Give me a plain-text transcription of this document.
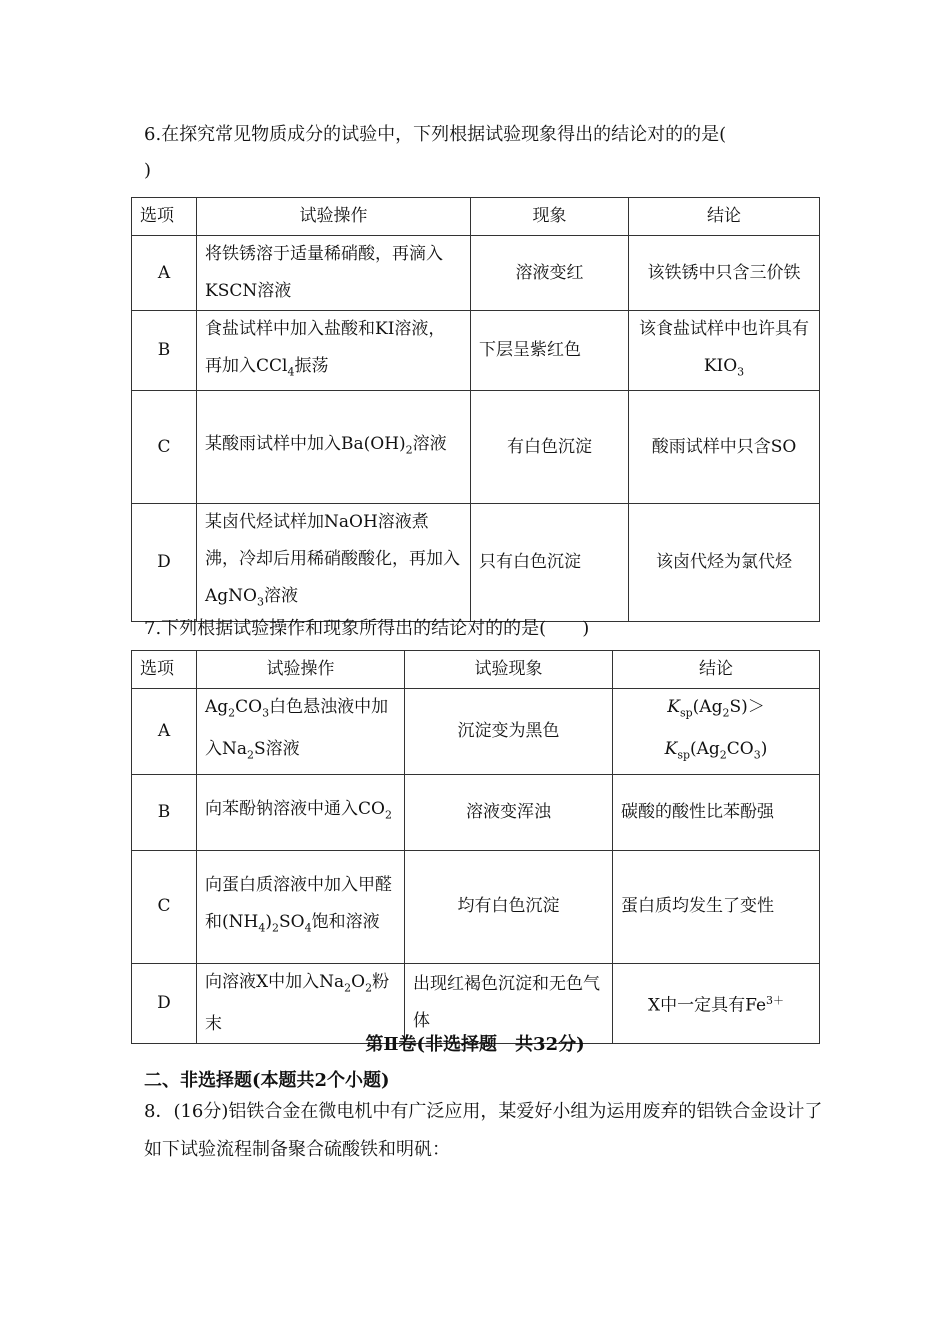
6.在探究常见物质成分的试验中，下列根据试验现象得出的结论对的的是(
)
选项	试验操作	现象	结论
A	将铁锈溶于适量稀硝酸，再滴入KSCN溶液	溶液变红	该铁锈中只含三价铁
B	食盐试样中加入盐酸和KI溶液，再加入CCl$_4$振荡	下层呈紫红色	该食盐试样中也许具有$KIO_3$
C	某酸雨试样中加入$Ba(OH)_2$溶液	有白色沉淀	酸雨试样中只含SO
D	某卤代烃试样加NaOH溶液煮沸，冷却后用稀硝酸酸化，再加入AgNO$_3$溶液	只有白色沉淀	该卤代烃为氯代烃
7.下列根据试验操作和现象所得出的结论对的的是(　　)
选项	试验操作	试验现象	结论
A	$Ag_2CO_3$白色悬浊液中加入$Na_2S$溶液	沉淀变为黑色	$K_{sp}(Ag_2S)>$
$K_{sp}(Ag_2CO_3)$
B	向苯酚钠溶液中通入$CO_2$	溶液变浑浊	碳酸的酸性比苯酚强
C	向蛋白质溶液中加入甲醛和$(NH_4)_2SO_4$饱和溶液	均有白色沉淀	蛋白质均发生了变性
D	向溶液X中加入$Na_2O_2$粉末	出现红褐色沉淀和无色气体	X中一定具有$Fe^{3+}$
第Ⅱ卷(非选择题　共32分)
二、非选择题(本题共2个小题)
8．(16分)铝铁合金在微电机中有广泛应用，某爱好小组为运用废弃的铝铁合金设计了如下试验流程制备聚合硫酸铁和明矾：
